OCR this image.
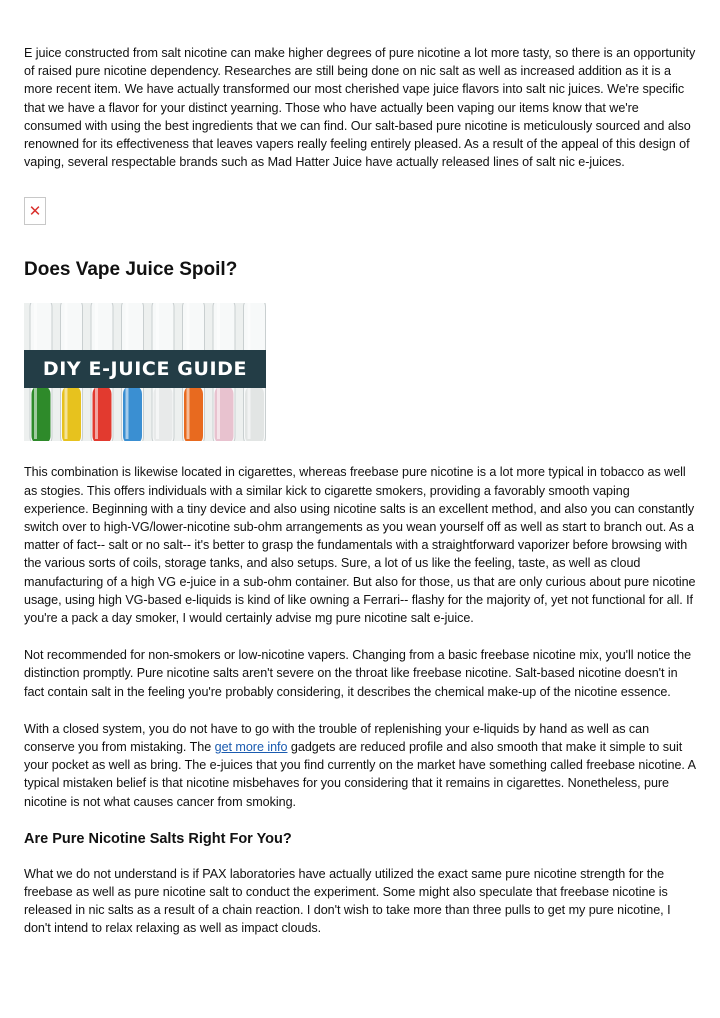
E juice constructed from salt nicotine can make higher degrees of pure nicotine a lot more tasty, so there is an opportunity of raised pure nicotine dependency. Researches are still being done on nic salt as well as increased addition as it is a more recent item. We have actually transformed our most cherished vape juice flavors into salt nic juices. We're specific that we have a flavor for your distinct yearning. Those who have actually been vaping our items know that we're consumed with using the best ingredients that we can find. Our salt-based pure nicotine is meticulously sourced and also renowned for its effectiveness that leaves vapers really feeling entirely pleased. As a result of the appeal of this design of vaping, several respectable brands such as Mad Hatter Juice have actually released lines of salt nic e-juices.

✕
Does Vape Juice Spoil?
DIY E-JUICE GUIDE

This combination is likewise located in cigarettes, whereas freebase pure nicotine is a lot more typical in tobacco as well as stogies. This offers individuals with a similar kick to cigarette smokers, providing a favorably smooth vaping experience. Beginning with a tiny device and also using nicotine salts is an excellent method, and also you can constantly switch over to high-VG/lower-nicotine sub-ohm arrangements as you wean yourself off as well as start to branch out. As a matter of fact-- salt or no salt-- it's better to grasp the fundamentals with a straightforward vaporizer before browsing with the various sorts of coils, storage tanks, and also setups. Sure, a lot of us like the feeling, taste, as well as cloud manufacturing of a high VG e-juice in a sub-ohm container. But also for those, us that are only curious about pure nicotine usage, using high VG-based e-liquids is kind of like owning a Ferrari-- flashy for the majority of, yet not functional for all. If you're a pack a day smoker, I would certainly advise mg pure nicotine salt e-juice.

Not recommended for non-smokers or low-nicotine vapers. Changing from a basic freebase nicotine mix, you'll notice the distinction promptly. Pure nicotine salts aren't severe on the throat like freebase nicotine. Salt-based nicotine doesn't in fact contain salt in the feeling you're probably considering, it describes the chemical make-up of the nicotine essence.

With a closed system, you do not have to go with the trouble of replenishing your e-liquids by hand as well as can conserve you from mistaking. The get more info gadgets are reduced profile and also smooth that make it simple to suit your pocket as well as bring. The e-juices that you find currently on the market have something called freebase nicotine. A typical mistaken belief is that nicotine misbehaves for you considering that it remains in cigarettes. Nonetheless, pure nicotine is not what causes cancer from smoking.

Are Pure Nicotine Salts Right For You?

What we do not understand is if PAX laboratories have actually utilized the exact same pure nicotine strength for the freebase as well as pure nicotine salt to conduct the experiment. Some might also speculate that freebase nicotine is released in nic salts as a result of a chain reaction. I don't wish to take more than three pulls to get my pure nicotine, I don't intend to relax relaxing as well as impact clouds.
